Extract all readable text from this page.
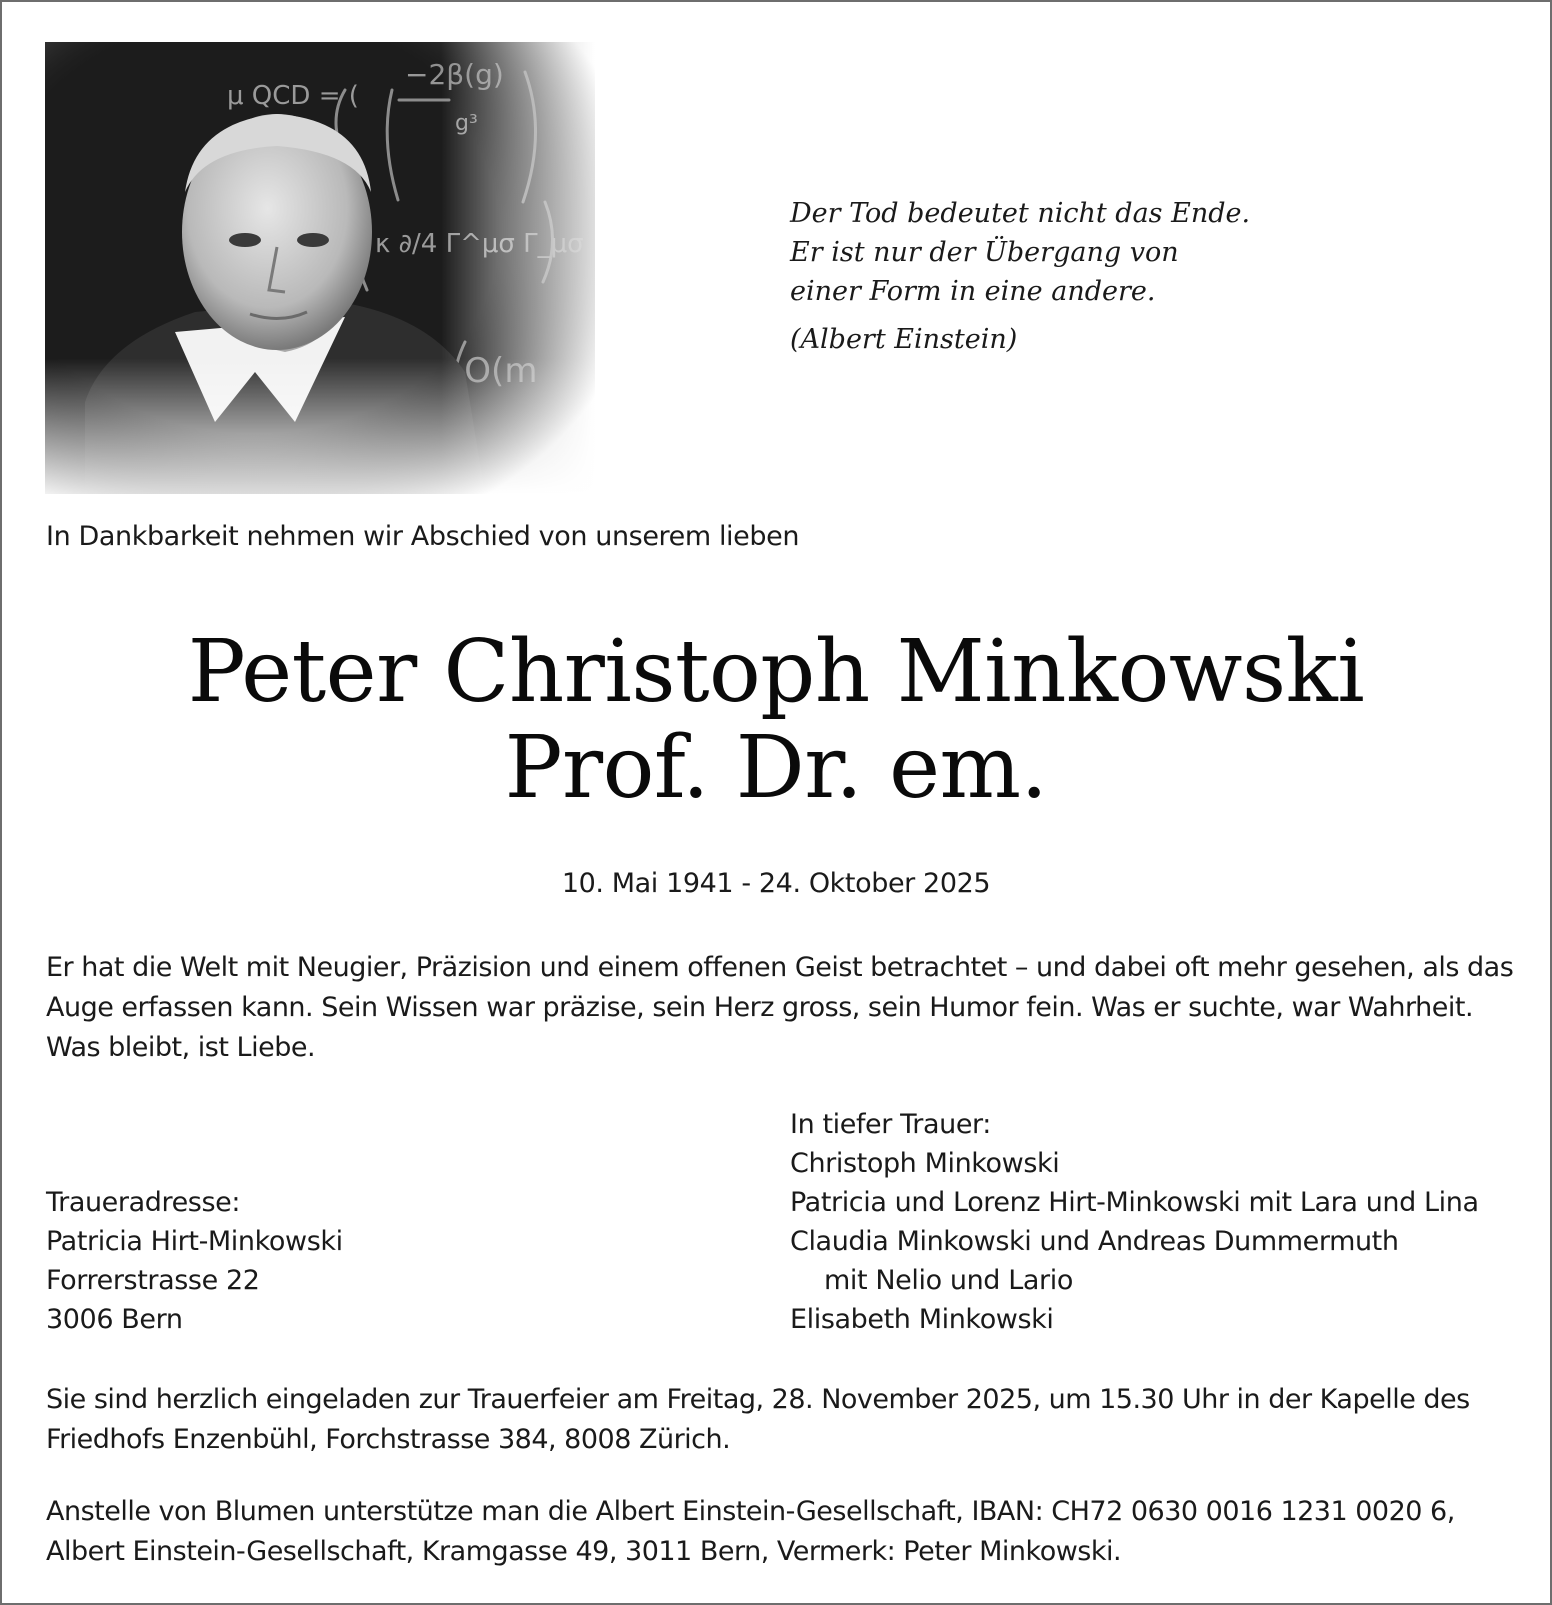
Der Tod bedeutet nicht das Ende.
Er ist nur der Übergang von
einer Form in eine andere.
(Albert Einstein)
In Dankbarkeit nehmen wir Abschied von unserem lieben
Peter Christoph Minkowski
Prof. Dr. em.
10. Mai 1941 - 24. Oktober 2025
Er hat die Welt mit Neugier, Präzision und einem offenen Geist betrachtet – und dabei oft mehr gesehen, als das Auge erfassen kann. Sein Wissen war präzise, sein Herz gross, sein Humor fein. Was er suchte, war Wahrheit. Was bleibt, ist Liebe.
Traueradresse:
Patricia Hirt-Minkowski
Forrerstrasse 22
3006 Bern
In tiefer Trauer:
Christoph Minkowski
Patricia und Lorenz Hirt-Minkowski mit Lara und Lina
Claudia Minkowski und Andreas Dummermuth
mit Nelio und Lario
Elisabeth Minkowski
Sie sind herzlich eingeladen zur Trauerfeier am Freitag, 28. November 2025, um 15.30 Uhr in der Kapelle des Friedhofs Enzenbühl, Forchstrasse 384, 8008 Zürich.
Anstelle von Blumen unterstütze man die Albert Einstein-Gesellschaft, IBAN: CH72 0630 0016 1231 0020 6, Albert Einstein-Gesellschaft, Kramgasse 49, 3011 Bern, Vermerk: Peter Minkowski.
